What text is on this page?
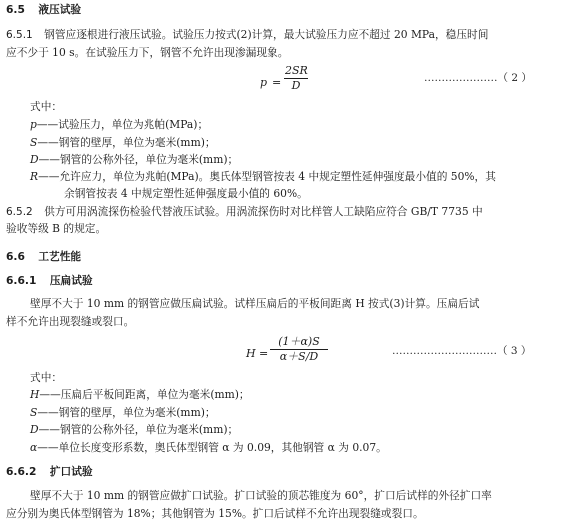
6.5 液压试验
6.5.1 钢管应逐根进行液压试验。试验压力按式(2)计算，最大试验压力应不超过 20 MPa，稳压时间
应不少于 10 s。在试验压力下，钢管不允许出现渗漏现象。
$p = \frac{2SR}{D}$	…………………（ 2 ）
式中：
p——试验压力，单位为兆帕(MPa)；
S——钢管的壁厚，单位为毫米(mm)；
D——钢管的公称外径，单位为毫米(mm)；
R——允许应力，单位为兆帕(MPa)。奥氏体型钢管按表 4 中规定塑性延伸强度最小值的 50%，其
余钢管按表 4 中规定塑性延伸强度最小值的 60%。
6.5.2 供方可用涡流探伤检验代替液压试验。用涡流探伤时对比样管人工缺陷应符合 GB/T 7735 中
验收等级 B 的规定。
6.6 工艺性能
6.6.1 压扁试验
壁厚不大于 10 mm 的钢管应做压扁试验。试样压扁后的平板间距离 H 按式(3)计算。压扁后试
样不允许出现裂缝或裂口。
$H = \frac{(1+\alpha)S}{\alpha+S/D}$	…………………………（ 3 ）
式中：
H——压扁后平板间距离，单位为毫米(mm)；
S——钢管的壁厚，单位为毫米(mm)；
D——钢管的公称外径，单位为毫米(mm)；
α——单位长度变形系数，奥氏体型钢管 α 为 0.09，其他钢管 α 为 0.07。
6.6.2 扩口试验
壁厚不大于 10 mm 的钢管应做扩口试验。扩口试验的顶芯锥度为 60°，扩口后试样的外径扩口率
应分别为奥氏体型钢管为 18%；其他钢管为 15%。扩口后试样不允许出现裂缝或裂口。
